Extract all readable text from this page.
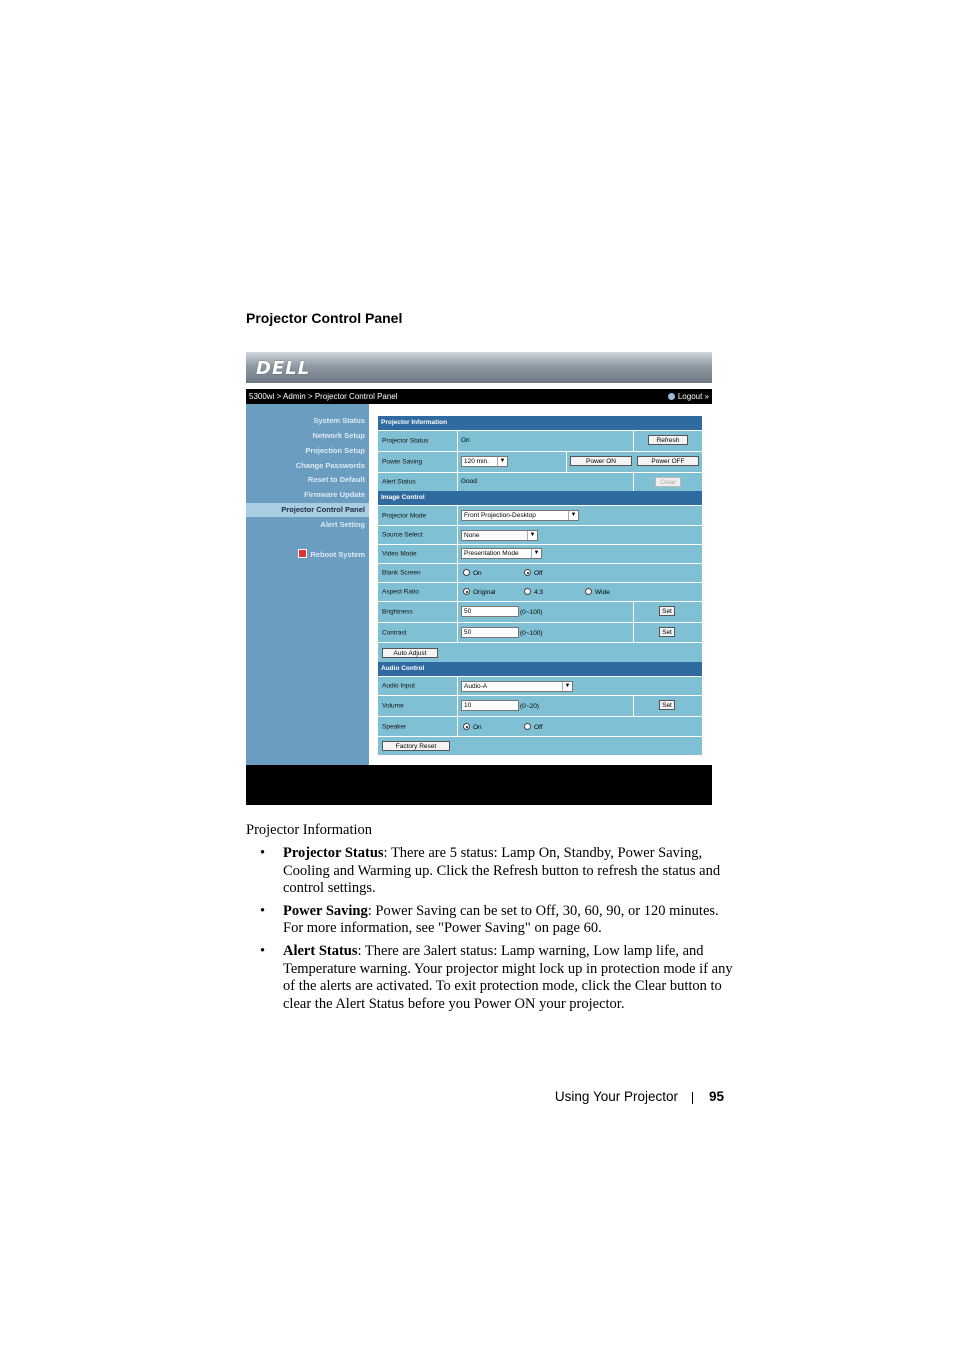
Projector Control Panel
DELL
5300wi > Admin > Projector Control Panel	Logout »
System Status
Network Setup
Projection Setup
Change Passwords
Reset to Default
Firmware Update
Projector Control Panel
Alert Setting
Reboot System
Projector Information
Projector Status	On	Refresh
Power Saving	120 min.	▼	Power ON	Power OFF
Alert Status	Good	Clear
Image Control
Projector Mode	Front Projection-Desktop	▼
Source Select	None	▼
Video Mode	Presentation Mode	▼
Blank Screen	On	Off
Aspect Ratio	Original	4:3	Wide
Brightness	50	(0~100)	Set
Contrast	50	(0~100)	Set
Auto Adjust
Audio Control
Audio Input	Audio-A	▼
Volume	10	(0~20)	Set
Speaker	On	Off
Factory Reset
Projector Information
• Projector Status: There are 5 status: Lamp On, Standby, Power Saving, Cooling and Warming up. Click the Refresh button to refresh the status and control settings.
• Power Saving: Power Saving can be set to Off, 30, 60, 90, or 120 minutes. For more information, see "Power Saving" on page 60.
• Alert Status: There are 3alert status: Lamp warning, Low lamp life, and Temperature warning. Your projector might lock up in protection mode if any of the alerts are activated. To exit protection mode, click the Clear button to clear the Alert Status before you Power ON your projector.
Using Your Projector 95
